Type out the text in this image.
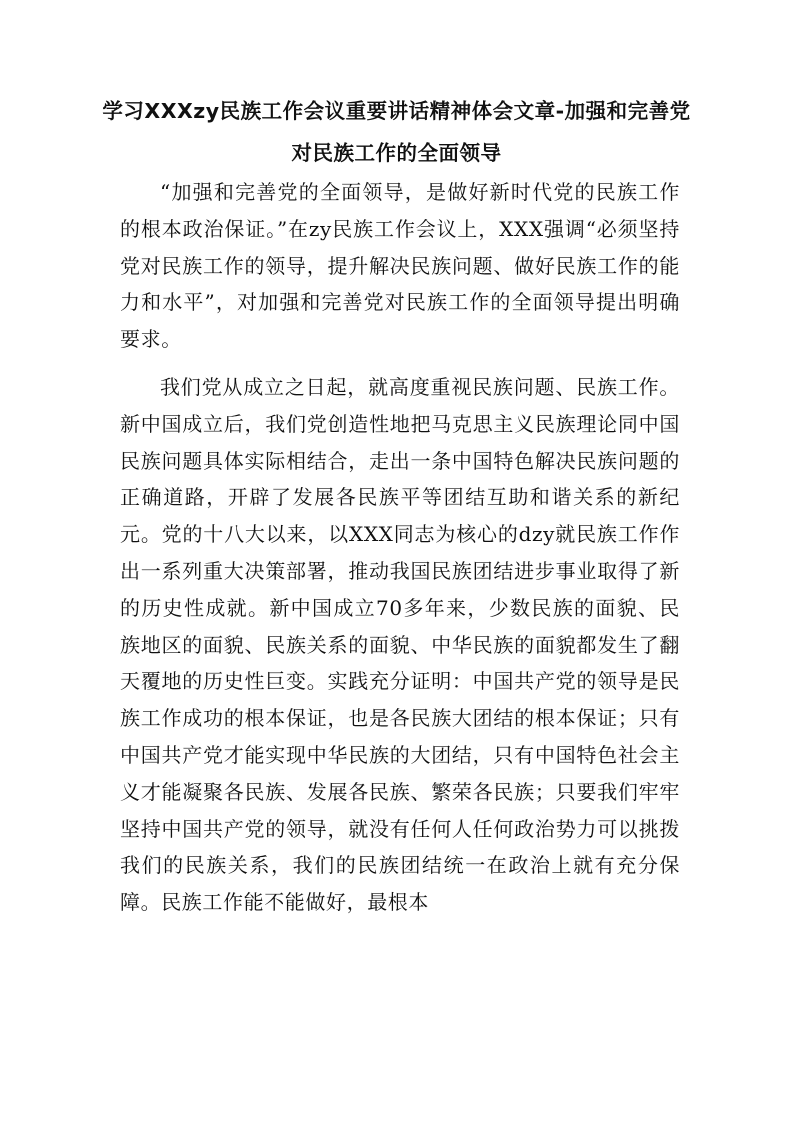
学习XXXzy民族工作会议重要讲话精神体会文章-加强和完善党对民族工作的全面领导

“加强和完善党的全面领导，是做好新时代党的民族工作的根本政治保证。”在zy民族工作会议上，XXX强调“必须坚持党对民族工作的领导，提升解决民族问题、做好民族工作的能力和水平”，对加强和完善党对民族工作的全面领导提出明确要求。

我们党从成立之日起，就高度重视民族问题、民族工作。新中国成立后，我们党创造性地把马克思主义民族理论同中国民族问题具体实际相结合，走出一条中国特色解决民族问题的正确道路，开辟了发展各民族平等团结互助和谐关系的新纪元。党的十八大以来，以XXX同志为核心的dzy就民族工作作出一系列重大决策部署，推动我国民族团结进步事业取得了新的历史性成就。新中国成立70多年来，少数民族的面貌、民族地区的面貌、民族关系的面貌、中华民族的面貌都发生了翻天覆地的历史性巨变。实践充分证明：中国共产党的领导是民族工作成功的根本保证，也是各民族大团结的根本保证；只有中国共产党才能实现中华民族的大团结，只有中国特色社会主义才能凝聚各民族、发展各民族、繁荣各民族；只要我们牢牢坚持中国共产党的领导，就没有任何人任何政治势力可以挑拨我们的民族关系，我们的民族团结统一在政治上就有充分保障。民族工作能不能做好，最根本
